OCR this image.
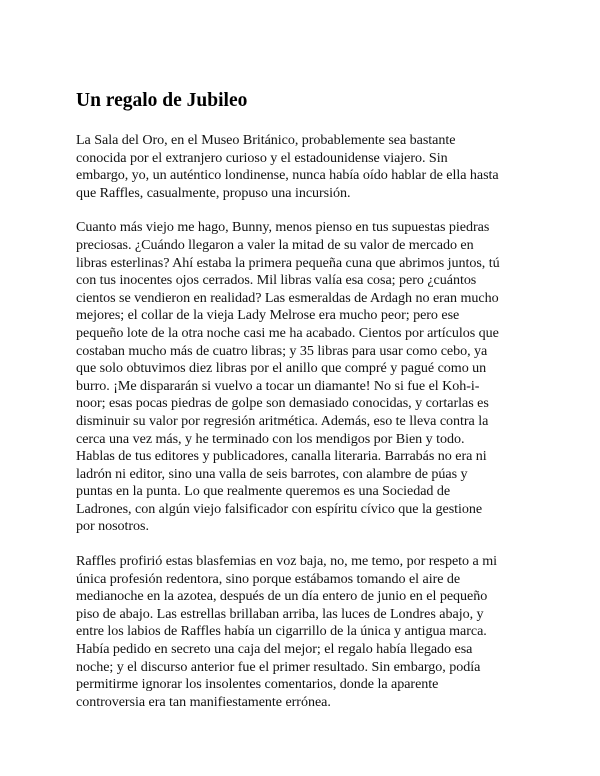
Un regalo de Jubileo

La Sala del Oro, en el Museo Británico, probablemente sea bastante
conocida por el extranjero curioso y el estadounidense viajero. Sin
embargo, yo, un auténtico londinense, nunca había oído hablar de ella hasta
que Raffles, casualmente, propuso una incursión.

Cuanto más viejo me hago, Bunny, menos pienso en tus supuestas piedras
preciosas. ¿Cuándo llegaron a valer la mitad de su valor de mercado en
libras esterlinas? Ahí estaba la primera pequeña cuna que abrimos juntos, tú
con tus inocentes ojos cerrados. Mil libras valía esa cosa; pero ¿cuántos
cientos se vendieron en realidad? Las esmeraldas de Ardagh no eran mucho
mejores; el collar de la vieja Lady Melrose era mucho peor; pero ese
pequeño lote de la otra noche casi me ha acabado. Cientos por artículos que
costaban mucho más de cuatro libras; y 35 libras para usar como cebo, ya
que solo obtuvimos diez libras por el anillo que compré y pagué como un
burro. ¡Me dispararán si vuelvo a tocar un diamante! No si fue el Koh-i-
noor; esas pocas piedras de golpe son demasiado conocidas, y cortarlas es
disminuir su valor por regresión aritmética. Además, eso te lleva contra la
cerca una vez más, y he terminado con los mendigos por Bien y todo.
Hablas de tus editores y publicadores, canalla literaria. Barrabás no era ni
ladrón ni editor, sino una valla de seis barrotes, con alambre de púas y
puntas en la punta. Lo que realmente queremos es una Sociedad de
Ladrones, con algún viejo falsificador con espíritu cívico que la gestione
por nosotros.

Raffles profirió estas blasfemias en voz baja, no, me temo, por respeto a mi
única profesión redentora, sino porque estábamos tomando el aire de
medianoche en la azotea, después de un día entero de junio en el pequeño
piso de abajo. Las estrellas brillaban arriba, las luces de Londres abajo, y
entre los labios de Raffles había un cigarrillo de la única y antigua marca.
Había pedido en secreto una caja del mejor; el regalo había llegado esa
noche; y el discurso anterior fue el primer resultado. Sin embargo, podía
permitirme ignorar los insolentes comentarios, donde la aparente
controversia era tan manifiestamente errónea.
